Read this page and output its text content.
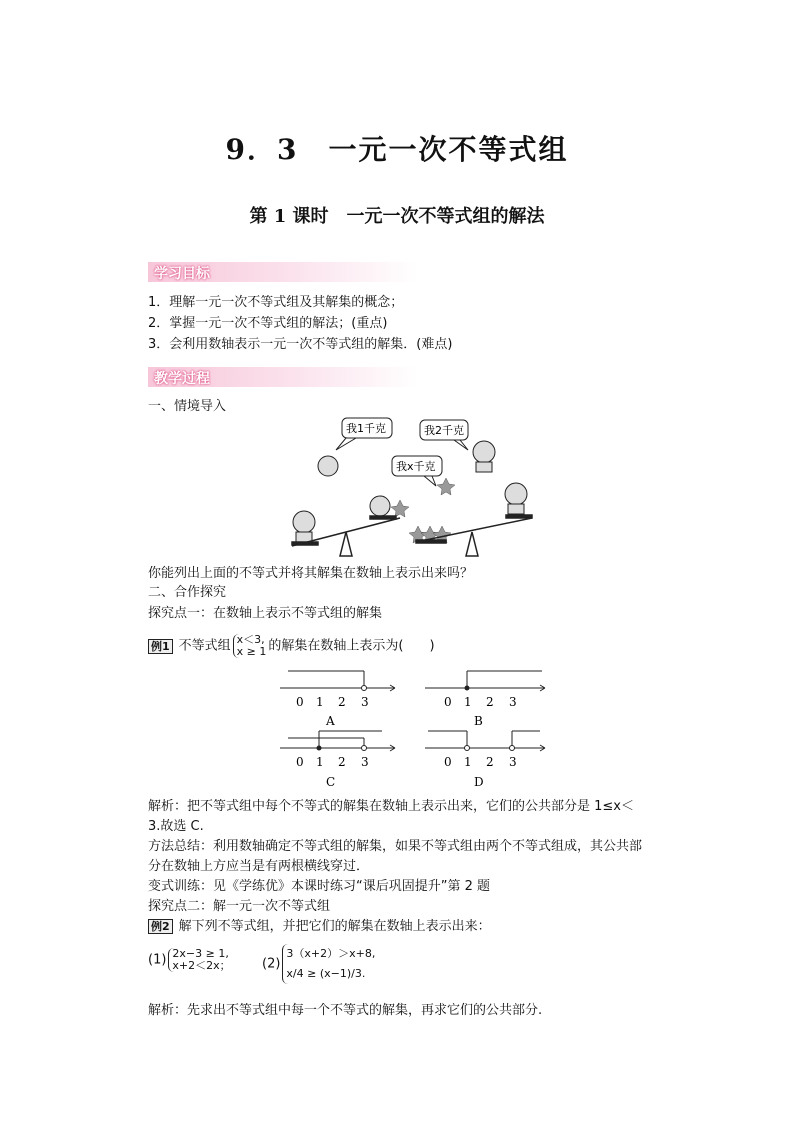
9．3　一元一次不等式组
第 1 课时　一元一次不等式组的解法
学习目标
1．理解一元一次不等式组及其解集的概念；
2．掌握一元一次不等式组的解法；(重点)
3．会利用数轴表示一元一次不等式组的解集．(难点)
教学过程
一、情境导入
我1千克	我2千克
我x千克
你能列出上面的不等式并将其解集在数轴上表示出来吗？
二、合作探究
探究点一：在数轴上表示不等式组的解集
例1 不等式组 x＜3,
x ≥ 1 的解集在数轴上表示为(　　)
0 1 2 3	0 1 2 3
0 1 2 3	0 1 2 3
A	B
C	D
解析：把不等式组中每个不等式的解集在数轴上表示出来，它们的公共部分是 1≤x＜
3.故选 C.
方法总结：利用数轴确定不等式组的解集，如果不等式组由两个不等式组成，其公共部
分在数轴上方应当是有两根横线穿过．
变式训练：见《学练优》本课时练习“课后巩固提升”第 2 题
探究点二：解一元一次不等式组
例2 解下列不等式组，并把它们的解集在数轴上表示出来：
(1) 2x−3 ≥ 1,
x+2＜2x； (2)3（x+2）＞x+8,
x/4 ≥ (x−1)/3.
解析：先求出不等式组中每一个不等式的解集，再求它们的公共部分.
